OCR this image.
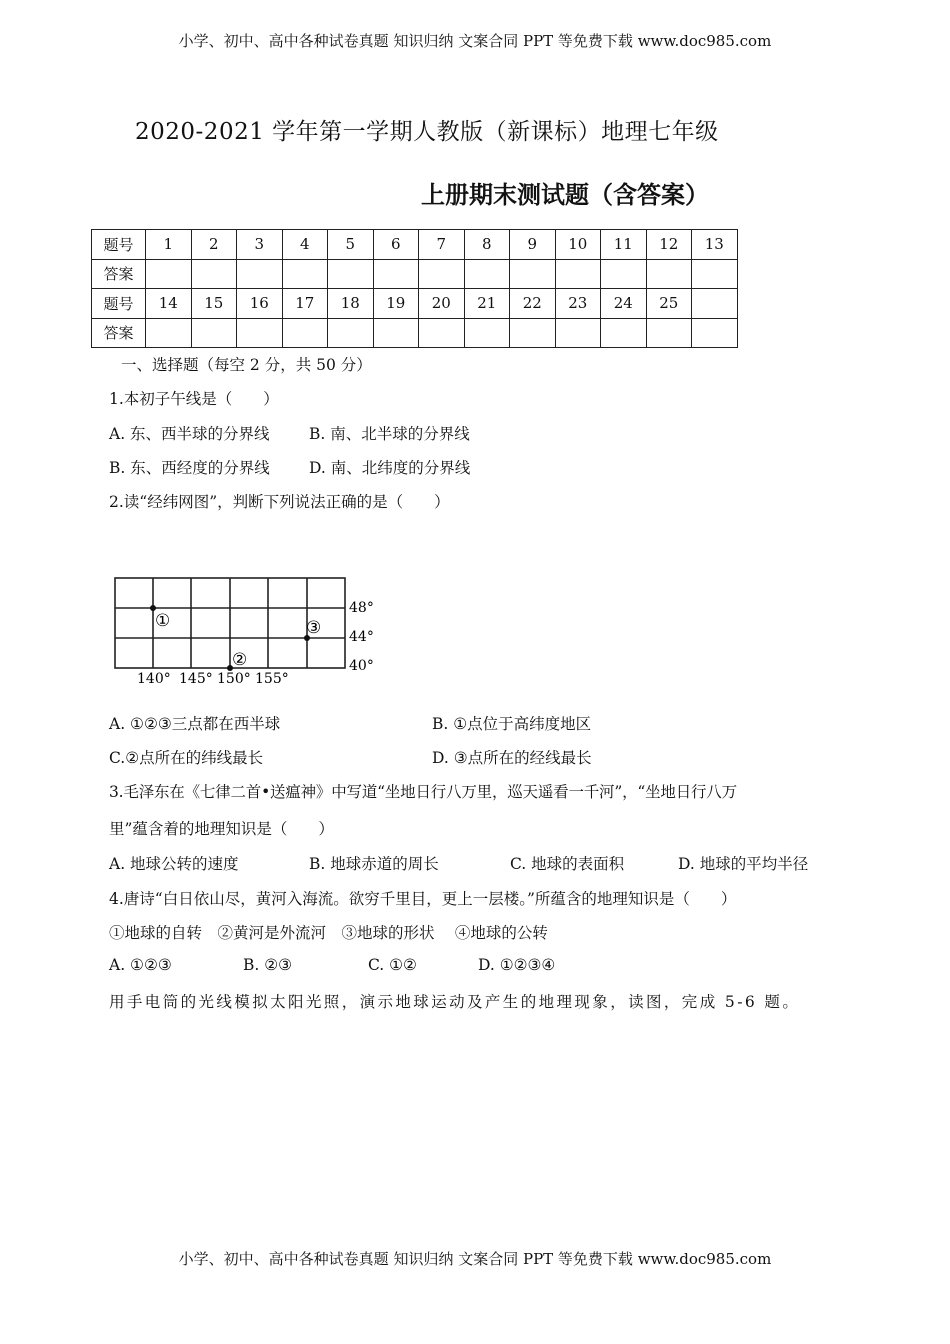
小学、初中、高中各种试卷真题 知识归纳 文案合同 PPT 等免费下载 www.doc985.com
2020-2021 学年第一学期人教版（新课标）地理七年级
上册期末测试题（含答案）
题号	1	2	3	4	5	6	7	8	9	10	11	12	13
答案													
题号	14	15	16	17	18	19	20	21	22	23	24	25	
答案													
一、选择题（每空 2 分，共 50 分）
1.本初子午线是（　　）
A. 东、西半球的分界线	B. 南、北半球的分界线
B. 东、西经度的分界线	D. 南、北纬度的分界线
2.读“经纬网图”，判断下列说法正确的是（　　）
①
②
③
48°
44°
40°
140° 145° 150° 155°
A. ①②③三点都在西半球	B. ①点位于高纬度地区
C.②点所在的纬线最长	D. ③点所在的经线最长
3.毛泽东在《七律二首•送瘟神》中写道“坐地日行八万里，巡天遥看一千河”，“坐地日行八万
里”蕴含着的地理知识是（　　）
A. 地球公转的速度	B. 地球赤道的周长	C. 地球的表面积	D. 地球的平均半径
4.唐诗“白日依山尽，黄河入海流。欲穷千里目，更上一层楼。”所蕴含的地理知识是（　　）
①地球的自转　②黄河是外流河　③地球的形状　 ④地球的公转
A. ①②③	B. ②③	C. ①②	D. ①②③④
用手电筒的光线模拟太阳光照，演示地球运动及产生的地理现象，读图，完成 5-6 题。
小学、初中、高中各种试卷真题 知识归纳 文案合同 PPT 等免费下载 www.doc985.com
